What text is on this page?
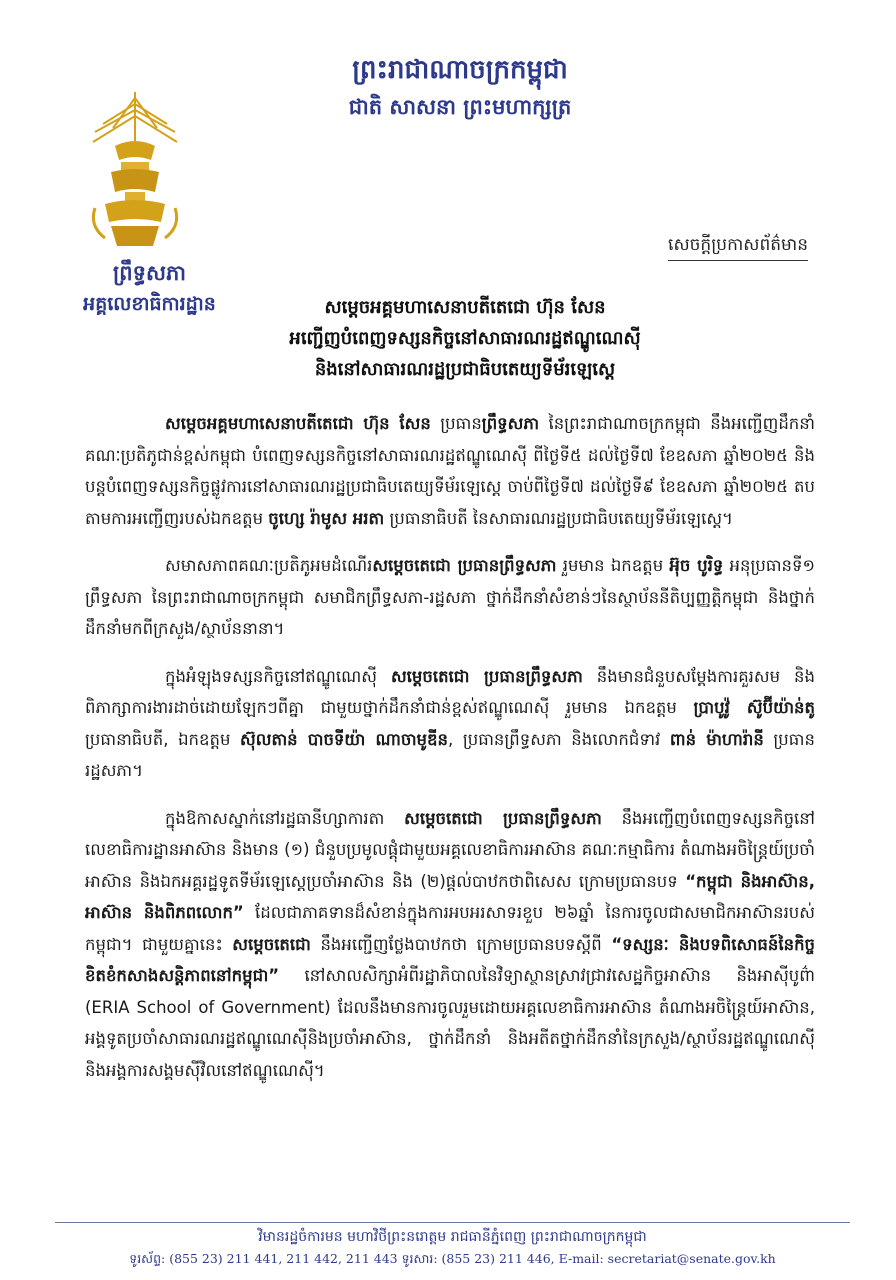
ព្រះរាជាណាចក្រកម្ពុជា
ជាតិ សាសនា ព្រះមហាក្សត្រ
ព្រឹទ្ធសភា
អគ្គលេខាធិការដ្ឋាន
សេចក្តីប្រកាសព័ត៌មាន
សម្តេចអគ្គមហាសេនាបតីតេជោ ហ៊ុន សែន
អញ្ជើញបំពេញទស្សនកិច្ចនៅសាធារណរដ្ឋឥណ្ឌូណេស៊ី
និងនៅសាធារណរដ្ឋប្រជាធិបតេយ្យទីម័រឡេស្តេ

សម្តេចអគ្គមហាសេនាបតីតេជោ ហ៊ុន សែន ប្រធានព្រឹទ្ធសភា នៃព្រះរាជាណាចក្រកម្ពុជា នឹងអញ្ជើញដឹកនាំគណៈប្រតិភូជាន់ខ្ពស់កម្ពុជា បំពេញទស្សនកិច្ចនៅសាធារណរដ្ឋឥណ្ឌូណេស៊ី ពីថ្ងៃទី៥ ដល់ថ្ងៃទី៧ ខែឧសភា ឆ្នាំ២០២៥ និងបន្តបំពេញទស្សនកិច្ចផ្លូវការនៅសាធារណរដ្ឋប្រជាធិបតេយ្យទីម័រឡេស្តេ ចាប់ពីថ្ងៃទី៧ ដល់ថ្ងៃទី៩ ខែឧសភា ឆ្នាំ២០២៥ តបតាមការអញ្ជើញរបស់ឯកឧត្តម ចូហ្សេ រ៉ាមូស អរតា ប្រធានាធិបតី នៃសាធារណរដ្ឋប្រជាធិបតេយ្យទីម័រឡេស្តេ។

សមាសភាពគណៈប្រតិភូអមដំណើរសម្តេចតេជោ ប្រធានព្រឹទ្ធសភា រួមមាន ឯកឧត្តម អ៊ុច បូរិទ្ធ អនុប្រធានទី១ ព្រឹទ្ធសភា នៃព្រះរាជាណាចក្រកម្ពុជា សមាជិកព្រឹទ្ធសភា-រដ្ឋសភា ថ្នាក់ដឹកនាំសំខាន់ៗនៃស្ថាប័ននីតិប្បញ្ញត្តិកម្ពុជា និងថ្នាក់ដឹកនាំមកពីក្រសួង/ស្ថាប័ននានា។

ក្នុងអំឡុងទស្សនកិច្ចនៅឥណ្ឌូណេស៊ី សម្តេចតេជោ ប្រធានព្រឹទ្ធសភា នឹងមានជំនួបសម្តែងការគួរសម និងពិភាក្សាការងារដាច់ដោយឡែកៗពីគ្នា ជាមួយថ្នាក់ដឹកនាំជាន់ខ្ពស់ឥណ្ឌូណេស៊ី រួមមាន ឯកឧត្តម ប្រាបូវ៉ូ ស៊ូប៊ីយ៉ាន់តូ ប្រធានាធិបតី, ឯកឧត្តម ស៊ុលតាន់ បាចទីយ៉ា ណាចាមូឌីន, ប្រធានព្រឹទ្ធសភា និងលោកជំទាវ ពាន់ ម៉ាហារ៉ានី ប្រធានរដ្ឋសភា។

ក្នុងឱកាសស្នាក់នៅរដ្ឋធានីហ្សាការតា សម្តេចតេជោ ប្រធានព្រឹទ្ធសភា នឹងអញ្ជើញបំពេញទស្សនកិច្ចនៅលេខាធិការដ្ឋានអាស៊ាន និងមាន (១) ជំនួបប្រមូលផ្តុំជាមួយអគ្គលេខាធិការអាស៊ាន គណៈកម្មាធិការ តំណាងអចិន្ត្រៃយ៍ប្រចាំអាស៊ាន និងឯកអគ្គរដ្ឋទូតទីម័រឡេស្តេប្រចាំអាស៊ាន និង (២)ផ្តល់បាឋកថាពិសេស ក្រោមប្រធានបទ “កម្ពុជា និងអាស៊ាន, អាស៊ាន និងពិភពលោក” ដែលជាភាគទានដ៏សំខាន់ក្នុងការអបអរសាទរខួប ២៦ឆ្នាំ នៃការចូលជាសមាជិកអាស៊ានរបស់កម្ពុជា។ ជាមួយគ្នានេះ សម្តេចតេជោ នឹងអញ្ជើញថ្លែងបាឋកថា ក្រោមប្រធានបទស្តីពី “ទស្សនៈ និងបទពិសោធន៍នៃកិច្ចខិតខំកសាងសន្តិភាពនៅកម្ពុជា” នៅសាលសិក្សាអំពីរដ្ឋាភិបាលនៃវិទ្យាស្ថានស្រាវជ្រាវសេដ្ឋកិច្ចអាស៊ាន និងអាស៊ីបូព៌ា (ERIA School of Government) ដែលនឹងមានការចូលរួមដោយអគ្គលេខាធិការអាស៊ាន តំណាងអចិន្ត្រៃយ៍អាស៊ាន, អង្គទូតប្រចាំសាធារណរដ្ឋឥណ្ឌូណេស៊ីនិងប្រចាំអាស៊ាន, ថ្នាក់ដឹកនាំ និងអតីតថ្នាក់ដឹកនាំនៃក្រសួង/ស្ថាប័នរដ្ឋឥណ្ឌូណេស៊ី និងអង្គការសង្គមស៊ីវិលនៅឥណ្ឌូណេស៊ី។

វិមានរដ្ឋចំការមន មហាវិថីព្រះនរោត្តម រាជធានីភ្នំពេញ ព្រះរាជាណាចក្រកម្ពុជា
ទូរស័ព្ទ: (855 23) 211 441, 211 442, 211 443 ទូរសារ: (855 23) 211 446, E-mail: secretariat@senate.gov.kh
